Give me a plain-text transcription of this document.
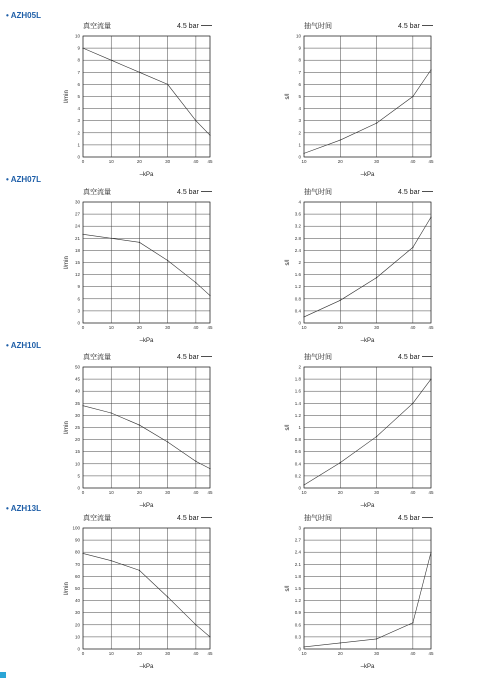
• AZH05L
• AZH07L
• AZH10L
• AZH13L
0	10	20	30	40 45
0
1
2
3
4
5
6
7
8
9
10
真空流量	4.5 bar
–kPa
l/min
10	20	30	40	45
0
1
2
3
4
5
6
7
8
9
10
抽气时间	4.5 bar
–kPa
s/l
0	10	20	30	40 45
0
3
6
9
12
15
18
21
24
27
30
真空流量	4.5 bar
–kPa
l/min
10	20	30	40	45
0
0.4
0.8
1.2
1.6
2
2.4
2.8
3.2
3.6
4
抽气时间	4.5 bar
–kPa
s/l
0	10	20	30	40 45
0
5
10
15
20
25
30
35
40
45
50
真空流量	4.5 bar
–kPa
l/min
10	20	30	40	45
0
0.2
0.4
0.6
0.8
1
1.2
1.4
1.6
1.8
2
抽气时间	4.5 bar
–kPa
s/l
0	10	20	30	40 45
0
10
20
30
40
50
60
70
80
90
100
真空流量	4.5 bar
–kPa
l/min
10	20	30	40	45
0
0.3
0.6
0.9
1.2
1.5
1.8
2.1
2.4
2.7
3
抽气时间	4.5 bar
–kPa
s/l
